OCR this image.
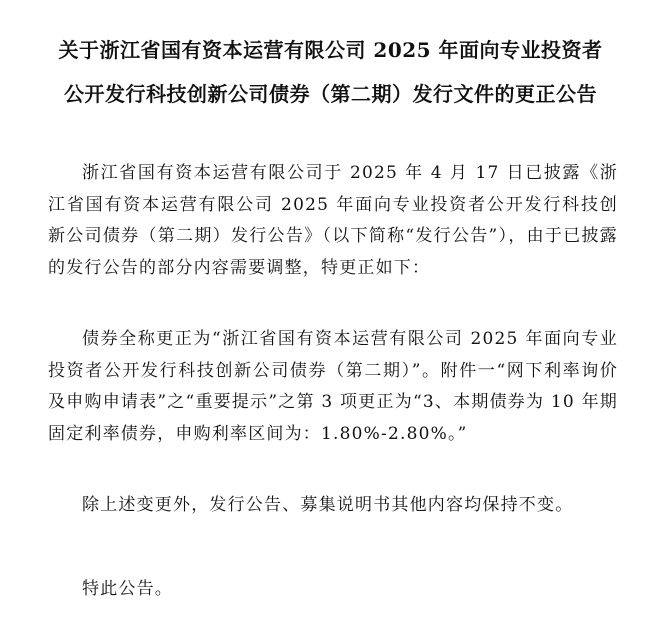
关于浙江省国有资本运营有限公司 2025 年面向专业投资者
公开发行科技创新公司债券（第二期）发行文件的更正公告
浙江省国有资本运营有限公司于 2025 年 4 月 17 日已披露《浙江省国有资本运营有限公司 2025 年面向专业投资者公开发行科技创新公司债券（第二期）发行公告》（以下简称“发行公告”），由于已披露的发行公告的部分内容需要调整，特更正如下：
债券全称更正为“浙江省国有资本运营有限公司 2025 年面向专业投资者公开发行科技创新公司债券（第二期）”。附件一“网下利率询价及申购申请表”之“重要提示”之第 3 项更正为“3、本期债券为 10 年期固定利率债券，申购利率区间为：1.80%-2.80%。”
除上述变更外，发行公告、募集说明书其他内容均保持不变。
特此公告。
